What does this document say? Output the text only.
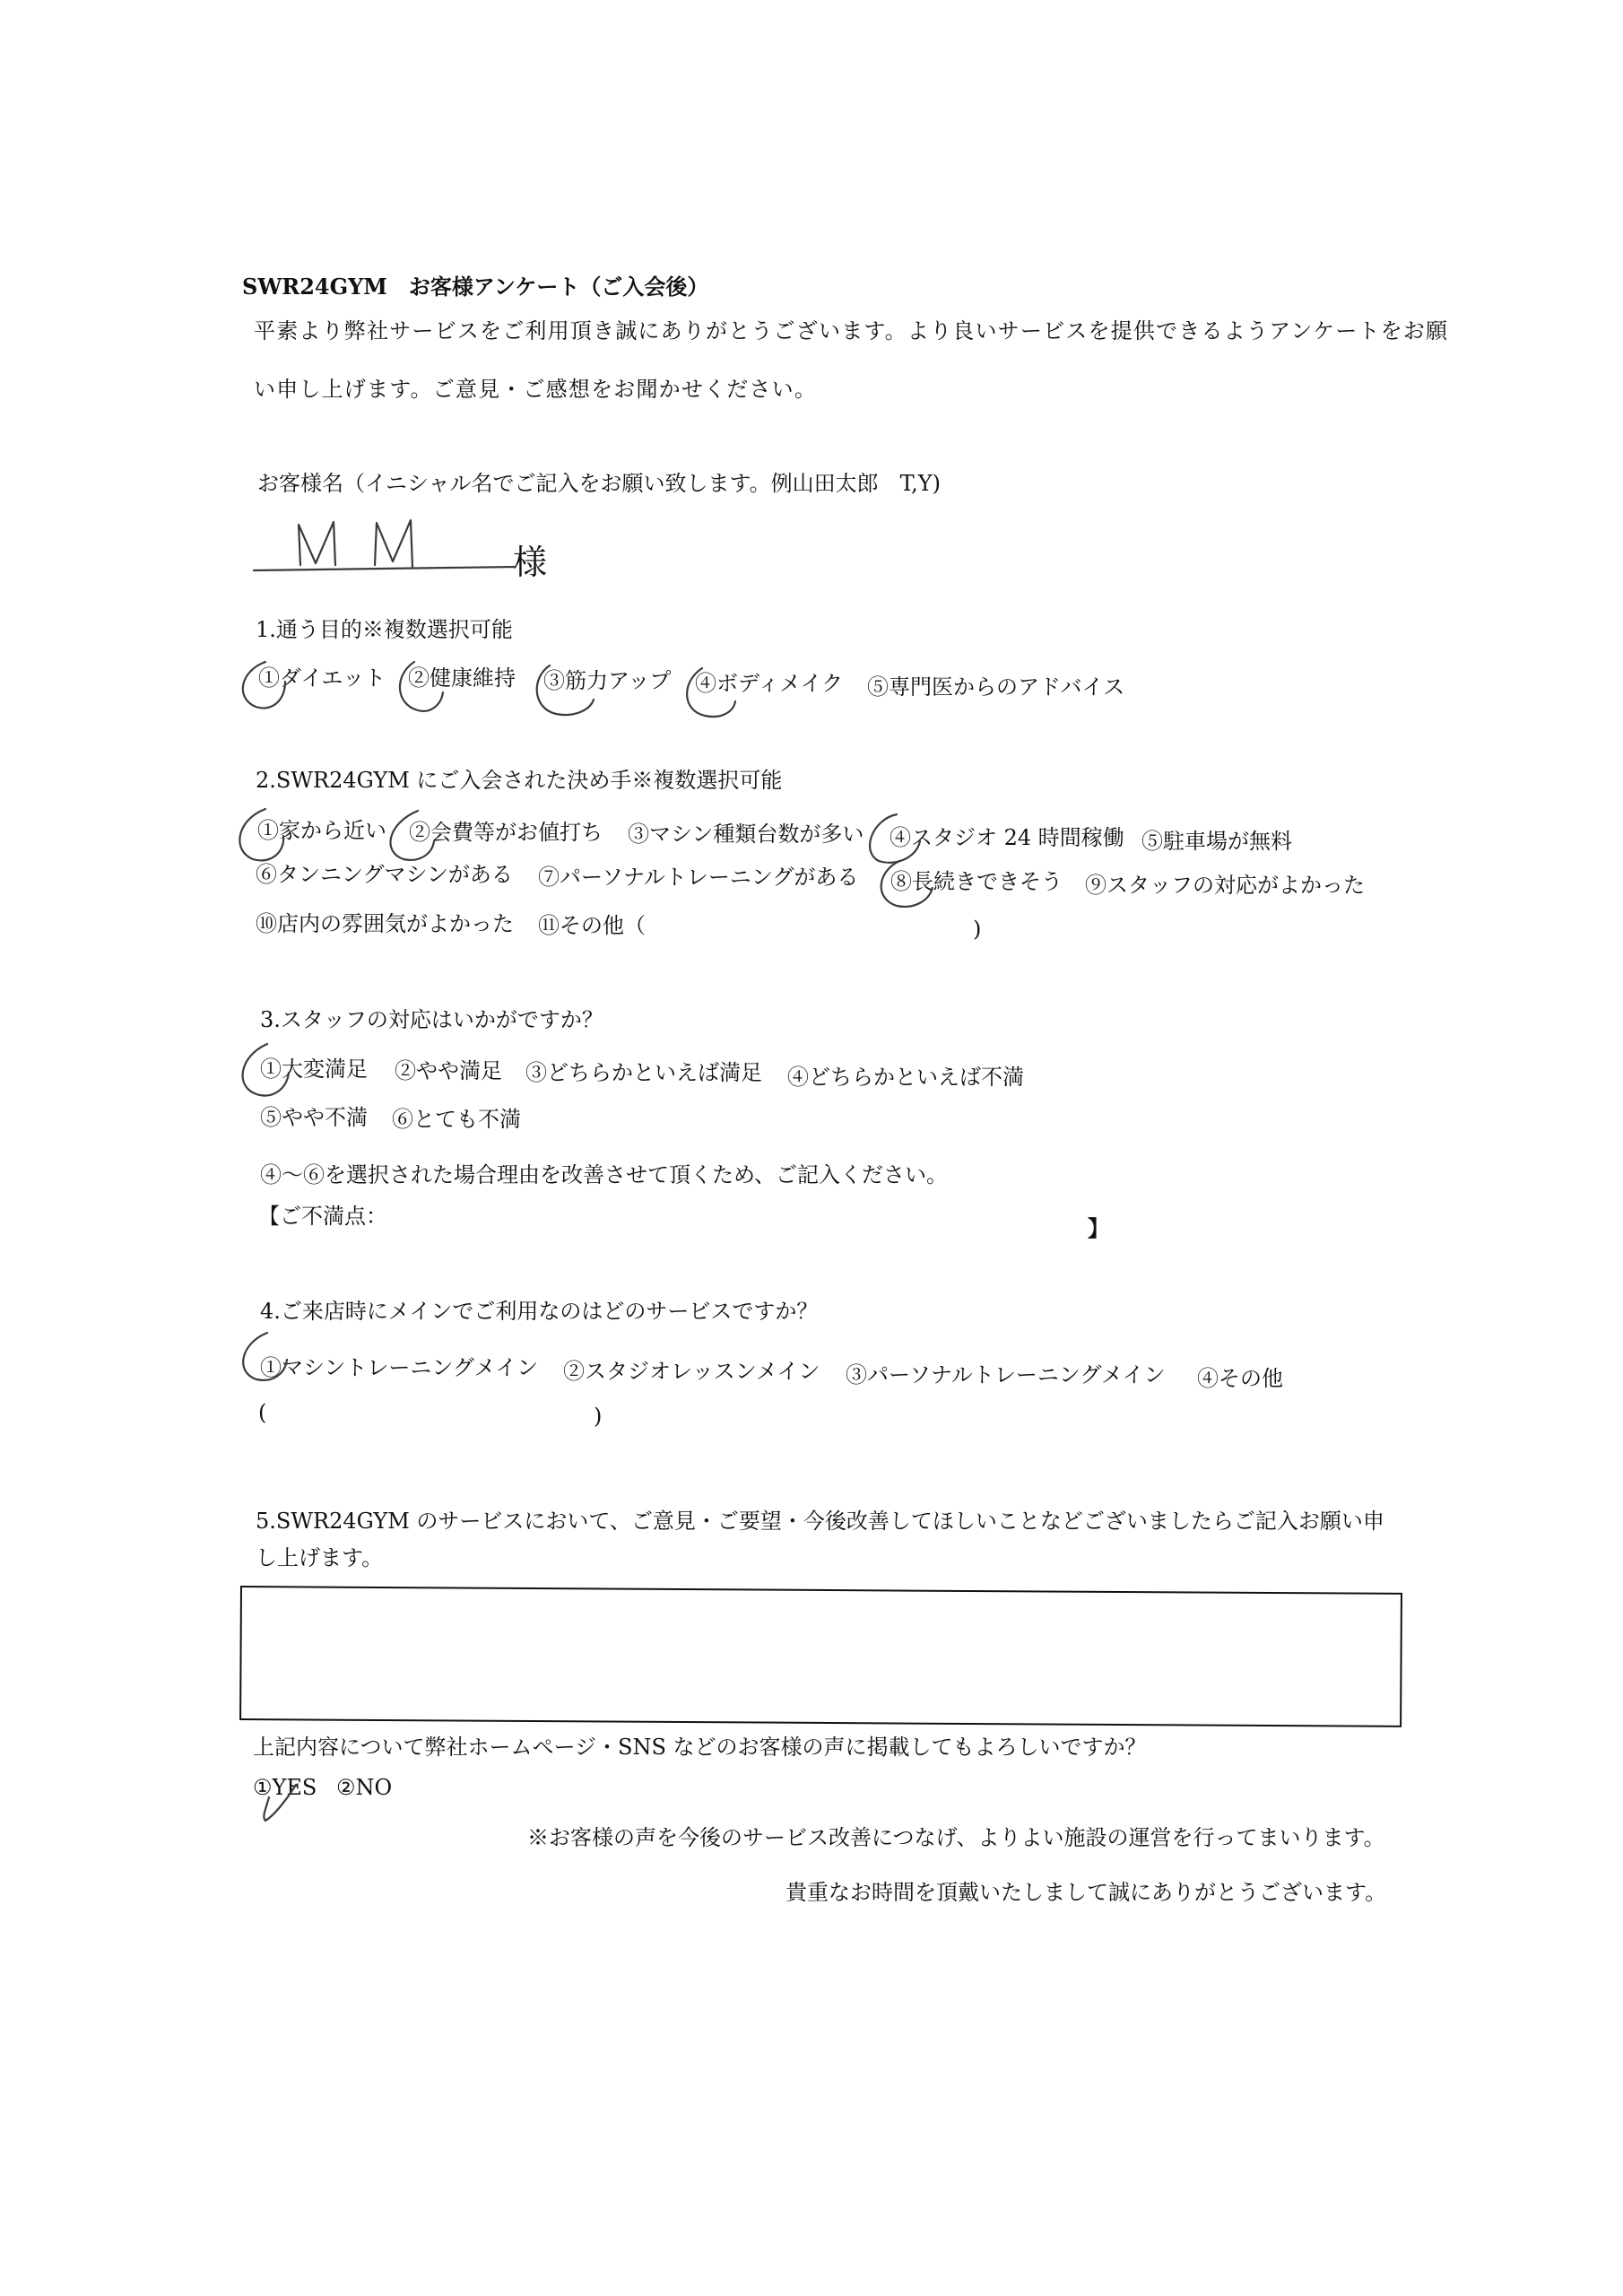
SWR24GYM　お客様アンケート（ご入会後）
平素より弊社サービスをご利用頂き誠にありがとうございます。より良いサービスを提供できるようアンケートをお願
い申し上げます。ご意見・ご感想をお聞かせください。
お客様名（イニシャル名でご記入をお願い致します。例山田太郎　T,Y)
様
1.通う目的※複数選択可能
①ダイエット ②健康維持 ③筋力アップ ④ボディメイク ⑤専門医からのアドバイス
2.SWR24GYM にご入会された決め手※複数選択可能
①家から近い ②会費等がお値打ち ③マシン種類台数が多い ④スタジオ 24 時間稼働 ⑤駐車場が無料
⑥タンニングマシンがある ⑦パーソナルトレーニングがある ⑧長続きできそう ⑨スタッフの対応がよかった
⑩店内の雰囲気がよかった ⑪その他（	)
3.スタッフの対応はいかがですか？
①大変満足 ②やや満足 ③どちらかといえば満足 ④どちらかといえば不満
⑤やや不満 ⑥とても不満
④〜⑥を選択された場合理由を改善させて頂くため、ご記入ください。
【ご不満点：	】
4.ご来店時にメインでご利用なのはどのサービスですか？
①マシントレーニングメイン ②スタジオレッスンメイン ③パーソナルトレーニングメイン ④その他
(	)
5.SWR24GYM のサービスにおいて、ご意見・ご要望・今後改善してほしいことなどございましたらご記入お願い申
し上げます。
上記内容について弊社ホームページ・SNS などのお客様の声に掲載してもよろしいですか？
①YES ②NO
※お客様の声を今後のサービス改善につなげ、よりよい施設の運営を行ってまいります。
貴重なお時間を頂戴いたしまして誠にありがとうございます。
